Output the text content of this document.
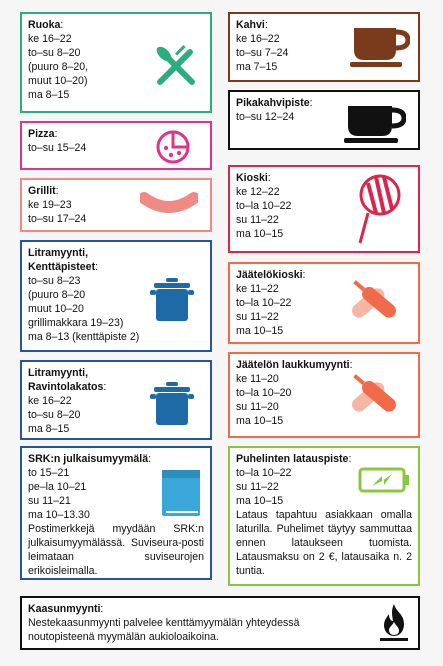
Ruoka:
ke 16–22
to–su 8–20
(puuro 8–20,
muut 10–20)
ma 8–15
Pizza:
to–su 15–24
Grillit:
ke 19–23
to–su 17–24
Litramyynti,
Kenttäpisteet:
to–su 8–23
(puuro 8–20
muut 10–20
grillimakkara 19–23)
ma 8–13 (kenttäpiste 2)
Litramyynti,
Ravintolakatos:
ke 16–22
to–su 8–20
ma 8–15
SRK:n julkaisumyymälä:
to 15–21
pe–la 10–21
su 11–21
ma 10–13.30
Postimerkkejä myydään SRK:n julkaisumyymälässä. Suviseura-posti leimataan suviseurojen erikoisleimalla.
Kahvi:
ke 16–22
to–su 7–24
ma 7–15
Pikakahvipiste:
to–su 12–24
Kioski:
ke 12–22
to–la 10–22
su 11–22
ma 10–15
Jäätelökioski:
ke 11–22
to–la 10–22
su 11–22
ma 10–15
Jäätelön laukkumyynti:
ke 11–20
to–la 10–20
su 11–20
ma 10–15
Puhelinten latauspiste:
to–la 10–22
su 11–22
ma 10–15
Lataus tapahtuu asiakkaan omalla laturilla. Puhelimet täytyy sammuttaa ennen lataukseen tuomista. Latausmaksu on 2 €, latausaika n. 2 tuntia.
Kaasunmyynti:
Nestekaasunmyynti palvelee kenttämyymälän yhteydessä noutopisteenä myymälän aukioloaikoina.
